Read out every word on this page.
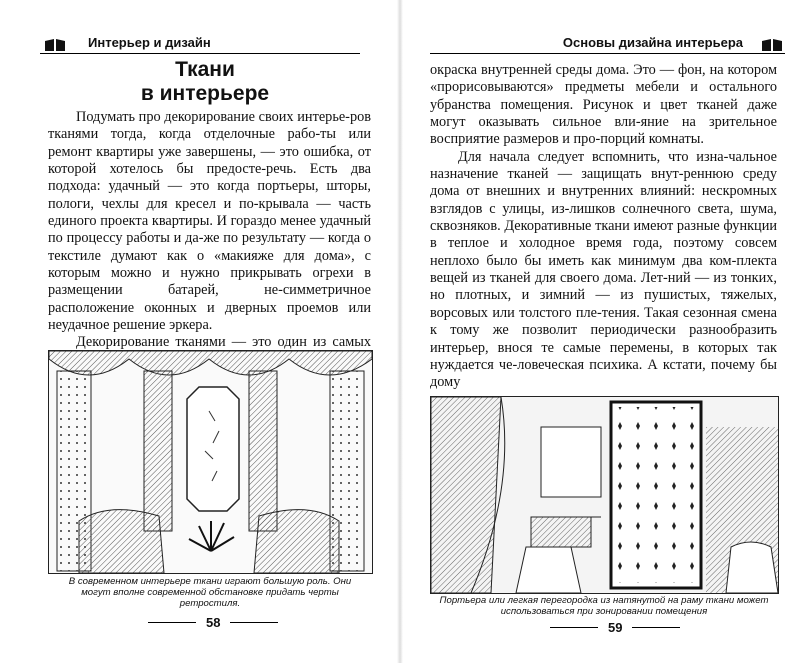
Интерьер и дизайн
Ткани
в интерьере

Подумать про декорирование своих интерье-ров тканями тогда, когда отделочные рабо-ты или ремонт квартиры уже завершены, — это ошибка, от которой хотелось бы предосте-речь. Есть два подхода: удачный — это когда портьеры, шторы, пологи, чехлы для кресел и по-крывала — часть единого проекта квартиры. И гораздо менее удачный по процессу работы и да-же по результату — когда о текстиле думают как о «макияже для дома», с которым можно и нужно прикрывать огрехи в размещении батарей, не-симметричное расположение оконных и дверных проемов или неудачное решение эркера.

Декорирование тканями — это один из самых

В современном интерьере ткани играют большую роль. Они могут вполне современной обстановке придать черты ретростиля.

58
Основы дизайна интерьера

окраска внутренней среды дома. Это — фон, на котором «прорисовываются» предметы мебели и остального убранства помещения. Рисунок и цвет тканей даже могут оказывать сильное вли-яние на зрительное восприятие размеров и про-порций комнаты.

Для начала следует вспомнить, что изна-чальное назначение тканей — защищать внут-реннюю среду дома от внешних и внутренних влияний: нескромных взглядов с улицы, из-лишков солнечного света, шума, сквозняков. Декоративные ткани имеют разные функции в теплое и холодное время года, поэтому совсем неплохо было бы иметь как минимум два ком-плекта вещей из тканей для своего дома. Лет-ний — из тонких, но плотных, и зимний — из пушистых, тяжелых, ворсовых или толстого пле-тения. Такая сезонная смена к тому же позволит периодически разнообразить интерьер, внося те самые перемены, в которых так нуждается че-ловеческая психика. А кстати, почему бы дому

Портьера или легкая перегородка из натянутой на раму ткани может использоваться при зонировании помещения

59
